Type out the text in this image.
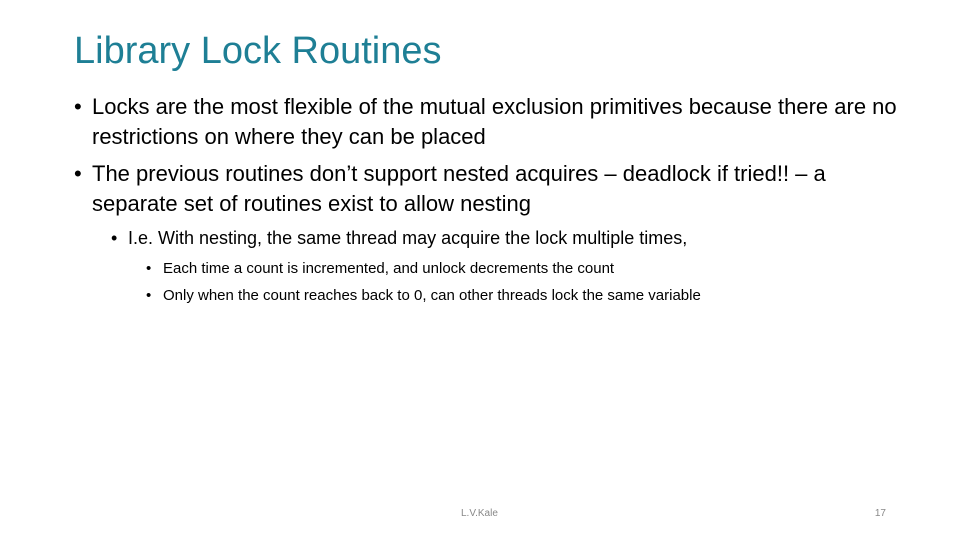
Library Lock Routines
• Locks are the most flexible of the mutual exclusion primitives because there are no restrictions on where they can be placed
• The previous routines don’t support nested acquires – deadlock if tried!! – a separate set of routines exist to allow nesting
• I.e. With nesting, the same thread may acquire the lock multiple times,
• Each time a count is incremented, and unlock decrements the count
• Only when the count reaches back to 0, can other threads lock the same variable
L.V.Kale	17
